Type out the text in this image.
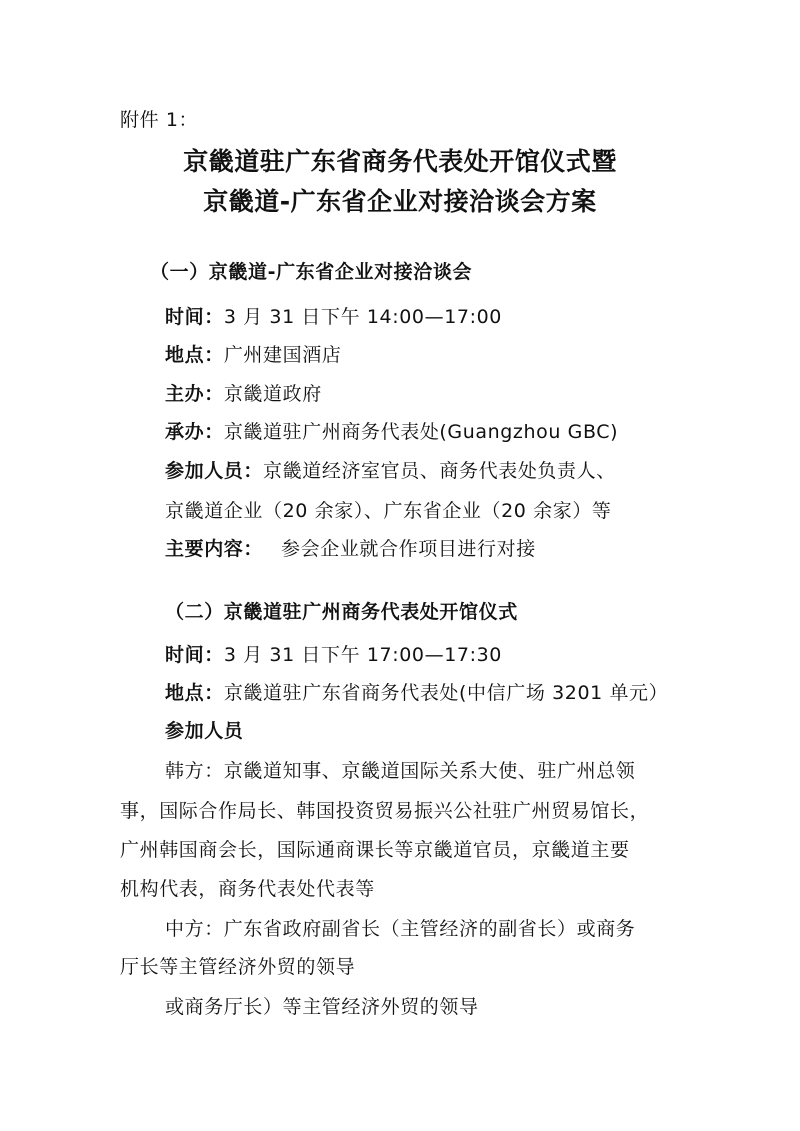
附件 1：
京畿道驻广东省商务代表处开馆仪式暨
京畿道-广东省企业对接洽谈会方案
（一）京畿道-广东省企业对接洽谈会
时间：3 月 31 日下午 14:00—17:00
地点：广州建国酒店
主办：京畿道政府
承办：京畿道驻广州商务代表处(Guangzhou GBC)
参加人员：京畿道经济室官员、商务代表处负责人、
京畿道企业（20 余家）、广东省企业（20 余家）等
主要内容： 参会企业就合作项目进行对接
（二）京畿道驻广州商务代表处开馆仪式
时间：3 月 31 日下午 17:00—17:30
地点：京畿道驻广东省商务代表处(中信广场 3201 单元）
参加人员
韩方：京畿道知事、京畿道国际关系大使、驻广州总领
事，国际合作局长、韩国投资贸易振兴公社驻广州贸易馆长，
广州韩国商会长，国际通商课长等京畿道官员，京畿道主要
机构代表，商务代表处代表等
中方：广东省政府副省长（主管经济的副省长）或商务
厅长等主管经济外贸的领导
或商务厅长）等主管经济外贸的领导
